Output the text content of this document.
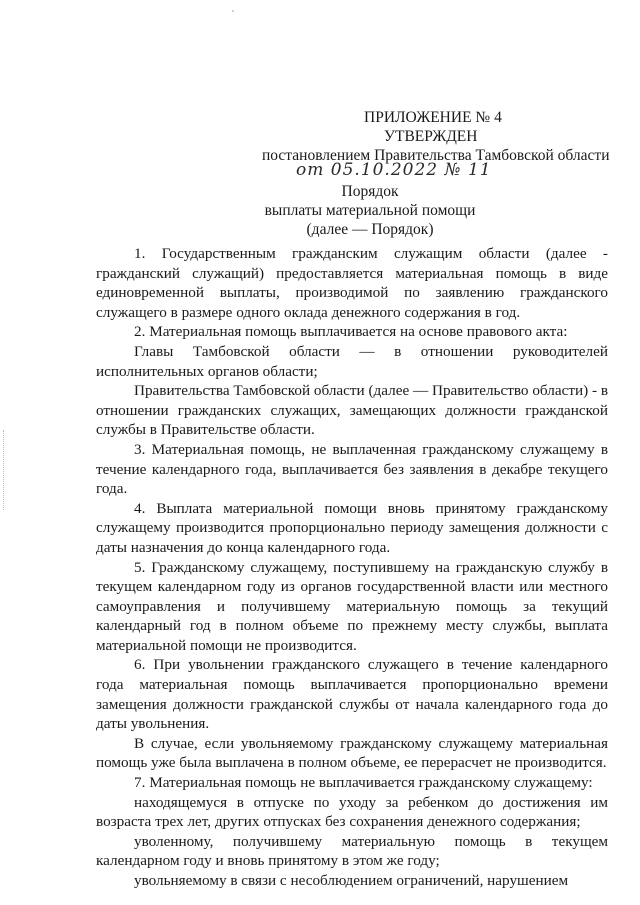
ПРИЛОЖЕНИЕ № 4
УТВЕРЖДЕН
постановлением Правительства Тамбовской области
от 05.10.2022 № 11
Порядок
выплаты материальной помощи
(далее — Порядок)

1. Государственным гражданским служащим области (далее - гражданский служащий) предоставляется материальная помощь в виде единовременной выплаты, производимой по заявлению гражданского служащего в размере одного оклада денежного содержания в год.

2. Материальная помощь выплачивается на основе правового акта:

Главы Тамбовской области — в отношении руководителей исполнительных органов области;

Правительства Тамбовской области (далее — Правительство области) - в отношении гражданских служащих, замещающих должности гражданской службы в Правительстве области.

3. Материальная помощь, не выплаченная гражданскому служащему в течение календарного года, выплачивается без заявления в декабре текущего года.

4. Выплата материальной помощи вновь принятому гражданскому служащему производится пропорционально периоду замещения должности с даты назначения до конца календарного года.

5. Гражданскому служащему, поступившему на гражданскую службу в текущем календарном году из органов государственной власти или местного самоуправления и получившему материальную помощь за текущий календарный год в полном объеме по прежнему месту службы, выплата материальной помощи не производится.

6. При увольнении гражданского служащего в течение календарного года материальная помощь выплачивается пропорционально времени замещения должности гражданской службы от начала календарного года до даты увольнения.

В случае, если увольняемому гражданскому служащему материальная помощь уже была выплачена в полном объеме, ее перерасчет не производится.

7. Материальная помощь не выплачивается гражданскому служащему:

находящемуся в отпуске по уходу за ребенком до достижения им возраста трех лет, других отпусках без сохранения денежного содержания;

уволенному, получившему материальную помощь в текущем календарном году и вновь принятому в этом же году;

увольняемому в связи с несоблюдением ограничений, нарушением
